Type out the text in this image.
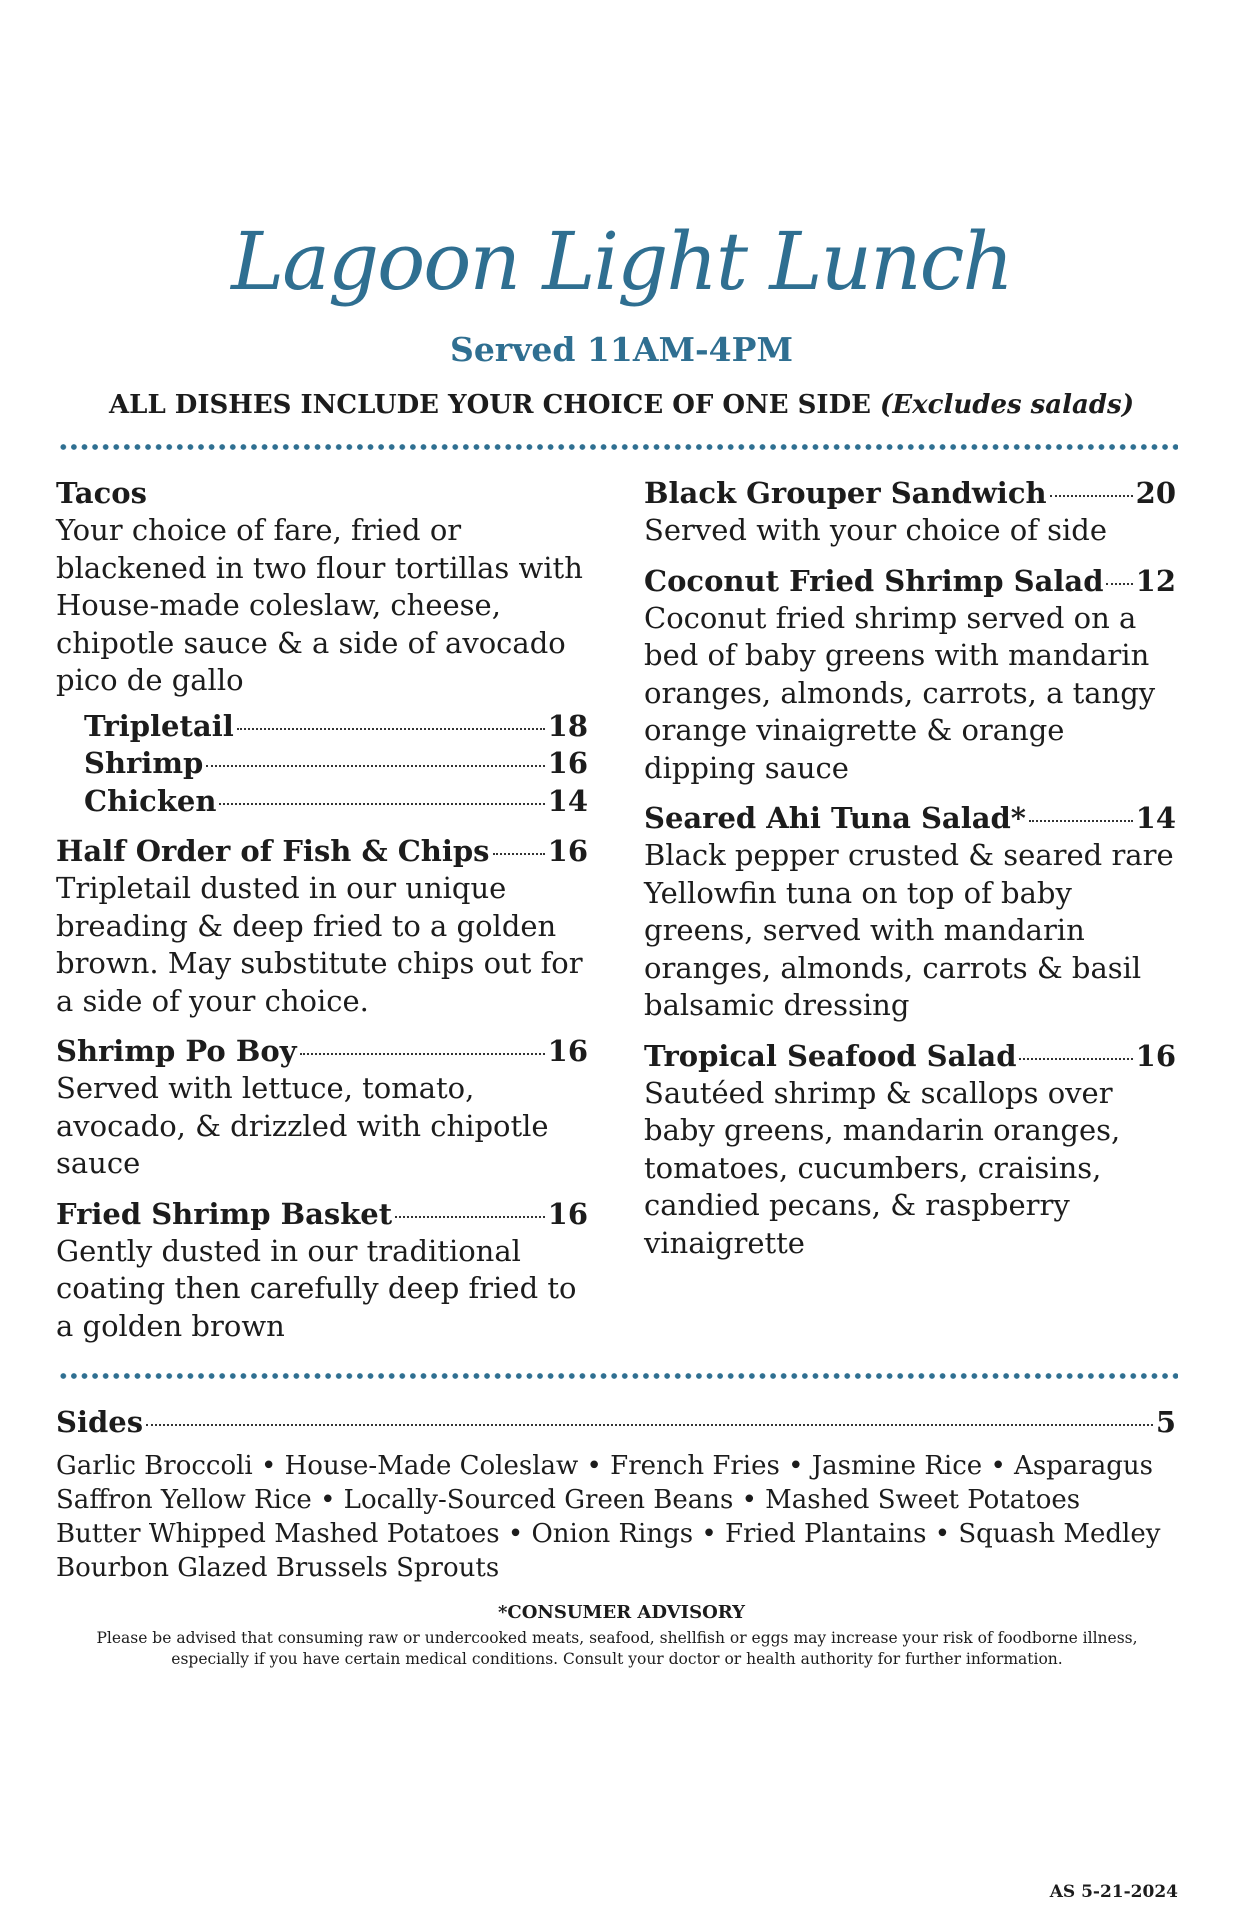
Lagoon Light Lunch
Served 11AM-4PM
ALL DISHES INCLUDE YOUR CHOICE OF ONE SIDE (Excludes salads)
Tacos
Your choice of fare, fried or blackened in two flour tortillas with House-made coleslaw, cheese, chipotle sauce & a side of avocado pico de gallo
Tripletail	18
Shrimp	16
Chicken	14
Half Order of Fish & Chips 16
Tripletail dusted in our unique breading & deep fried to a golden brown. May substitute chips out for a side of your choice.
Shrimp Po Boy	16
Served with lettuce, tomato, avocado, & drizzled with chipotle sauce
Fried Shrimp Basket	16
Gently dusted in our traditional coating then carefully deep fried to a golden brown
Black Grouper Sandwich	20
Served with your choice of side
Coconut Fried Shrimp Salad 12
Coconut fried shrimp served on a bed of baby greens with mandarin oranges, almonds, carrots, a tangy orange vinaigrette & orange dipping sauce
Seared Ahi Tuna Salad*	14
Black pepper crusted & seared rare Yellowfin tuna on top of baby greens, served with mandarin oranges, almonds, carrots & basil balsamic dressing
Tropical Seafood Salad	16
Sautéed shrimp & scallops over baby greens, mandarin oranges, tomatoes, cucumbers, craisins, candied pecans, & raspberry vinaigrette
Sides	5
Garlic Broccoli • House-Made Coleslaw • French Fries • Jasmine Rice • Asparagus
Saffron Yellow Rice • Locally-Sourced Green Beans • Mashed Sweet Potatoes
Butter Whipped Mashed Potatoes • Onion Rings • Fried Plantains • Squash Medley
Bourbon Glazed Brussels Sprouts
*CONSUMER ADVISORY
Please be advised that consuming raw or undercooked meats, seafood, shellfish or eggs may increase your risk of foodborne illness, especially if you have certain medical conditions. Consult your doctor or health authority for further information.
AS 5-21-2024
